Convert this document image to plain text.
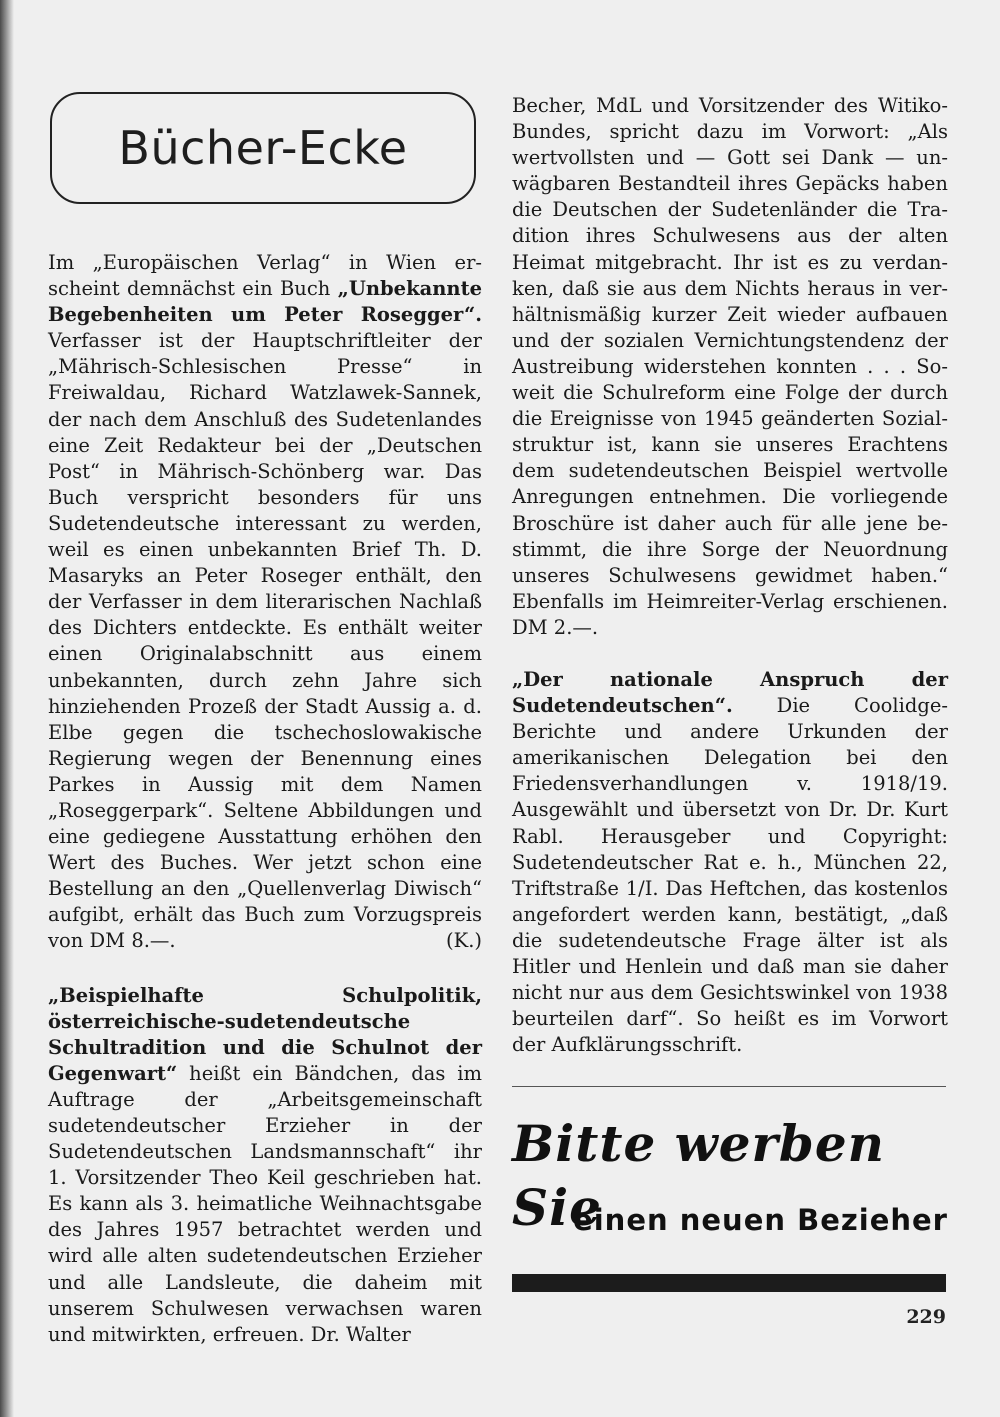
Bücher-Ecke

Im „Europäischen Verlag“ in Wien erscheint demnächst ein Buch „Unbekannte Begebenheiten um Peter Rosegger“. Verfasser ist der Hauptschriftleiter der „Mährisch-Schlesischen Presse“ in Freiwaldau, Richard Watzlawek-Sannek, der nach dem Anschluß des Sudetenlandes eine Zeit Redakteur bei der „Deutschen Post“ in Mährisch-Schönberg war. Das Buch verspricht besonders für uns Sudetendeutsche interessant zu werden, weil es einen unbekannten Brief Th. D. Masaryks an Peter Roseger enthält, den der Verfasser in dem literarischen Nachlaß des Dichters entdeckte. Es enthält weiter einen Originalabschnitt aus einem unbekannten, durch zehn Jahre sich hinziehenden Prozeß der Stadt Aussig a. d. Elbe gegen die tschechoslowakische Regierung wegen der Benennung eines Parkes in Aussig mit dem Namen „Roseggerpark“. Seltene Abbildungen und eine gediegene Ausstattung erhöhen den Wert des Buches. Wer jetzt schon eine Bestellung an den „Quellenverlag Diwisch“ aufgibt, erhält das Buch zum Vorzugspreis von DM 8.—.	(K.)

„Beispielhafte Schulpolitik, österreichische-sudetendeutsche Schultradition und die Schulnot der Gegenwart“ heißt ein Bändchen, das im Auftrage der „Arbeitsgemeinschaft sudetendeutscher Erzieher in der Sudetendeutschen Landsmannschaft“ ihr 1. Vorsitzender Theo Keil geschrieben hat. Es kann als 3. heimatliche Weihnachtsgabe des Jahres 1957 betrachtet werden und wird alle alten sudetendeutschen Erzieher und alle Landsleute, die daheim mit unserem Schulwesen verwachsen waren und mitwirkten, erfreuen. Dr. Walter

Becher, MdL und Vorsitzender des Witiko-Bundes, spricht dazu im Vorwort: „Als wertvollsten und — Gott sei Dank — unwägbaren Bestandteil ihres Gepäcks haben die Deutschen der Sudetenländer die Tradition ihres Schulwesens aus der alten Heimat mitgebracht. Ihr ist es zu verdanken, daß sie aus dem Nichts heraus in verhältnismäßig kurzer Zeit wieder aufbauen und der sozialen Vernichtungstendenz der Austreibung widerstehen konnten . . . Soweit die Schulreform eine Folge der durch die Ereignisse von 1945 geänderten Sozialstruktur ist, kann sie unseres Erachtens dem sudetendeutschen Beispiel wertvolle Anregungen entnehmen. Die vorliegende Broschüre ist daher auch für alle jene bestimmt, die ihre Sorge der Neuordnung unseres Schulwesens gewidmet haben.“ Ebenfalls im Heimreiter-Verlag erschienen. DM 2.—.

„Der nationale Anspruch der Sudetendeutschen“. Die Coolidge-Berichte und andere Urkunden der amerikanischen Delegation bei den Friedensverhandlungen v. 1918/19. Ausgewählt und übersetzt von Dr. Dr. Kurt Rabl. Herausgeber und Copyright: Sudetendeutscher Rat e. h., München 22, Triftstraße 1/I. Das Heftchen, das kostenlos angefordert werden kann, bestätigt, „daß die sudetendeutsche Frage älter ist als Hitler und Henlein und daß man sie daher nicht nur aus dem Gesichtswinkel von 1938 beurteilen darf“. So heißt es im Vorwort der Aufklärungsschrift.

Bitte werben Sie
einen neuen Bezieher
229
